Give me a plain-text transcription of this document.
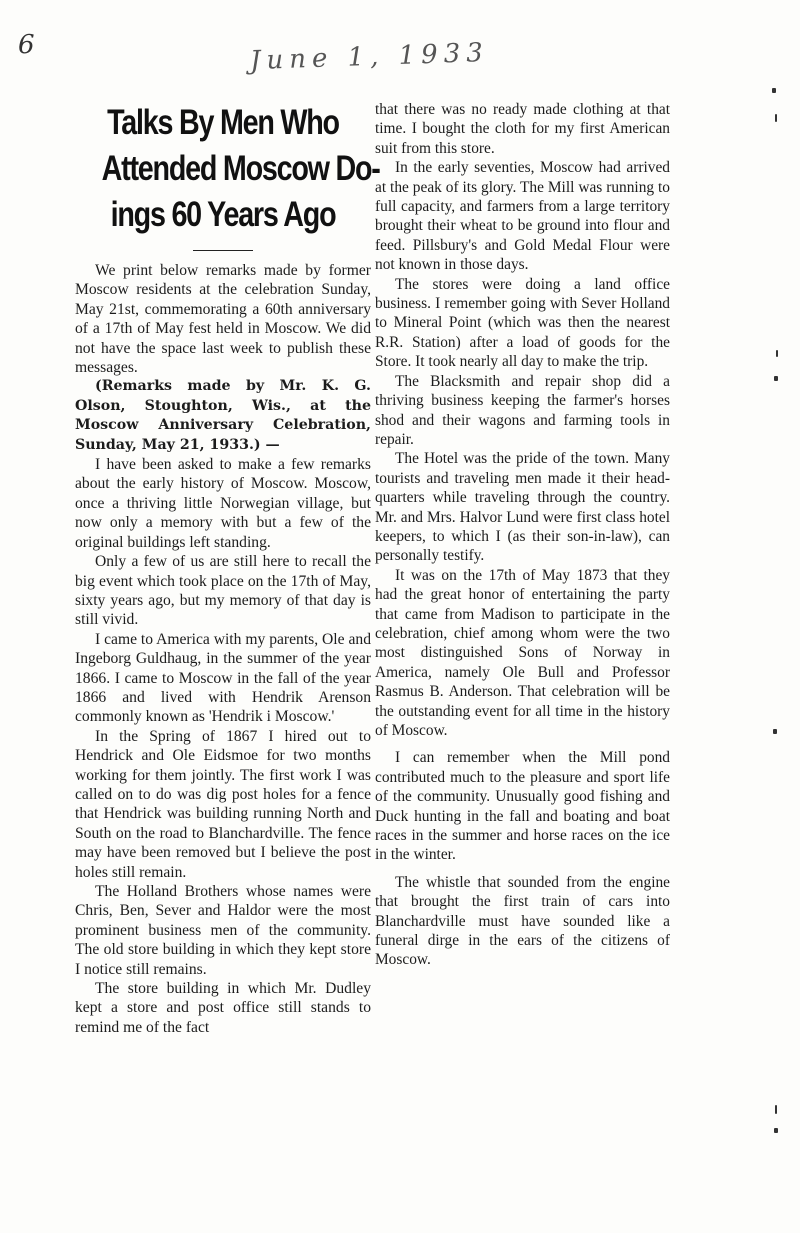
6	June 1, 1933
Talks By Men Who
Attended Moscow Do-
ings 60 Years Ago

We print below remarks made by former Moscow residents at the celebration Sunday, May 21st, commemorating a 60th anniversary of a 17th of May fest held in Moscow. We did not have the space last week to publish these messages.

(Remarks made by Mr. K. G. Olson, Stoughton, Wis., at the Moscow Anniversary Celebration, Sunday, May 21, 1933.) —

I have been asked to make a few remarks about the early history of Moscow. Moscow, once a thriving little Norwegian village, but now only a memory with but a few of the original buildings left standing.

Only a few of us are still here to recall the big event which took place on the 17th of May, sixty years ago, but my memory of that day is still vivid.

I came to America with my parents, Ole and Ingeborg Guldhaug, in the summer of the year 1866. I came to Moscow in the fall of the year 1866 and lived with Hendrik Arenson commonly known as 'Hendrik i Moscow.'

In the Spring of 1867 I hired out to Hendrick and Ole Eidsmoe for two months working for them jointly. The first work I was called on to do was dig post holes for a fence that Hendrick was building running North and South on the road to Blanchardville. The fence may have been removed but I believe the post holes still remain.

The Holland Brothers whose names were Chris, Ben, Sever and Haldor were the most prominent business men of the community. The old store building in which they kept store I notice still remains.

The store building in which Mr. Dudley kept a store and post office still stands to remind me of the fact

that there was no ready made clothing at that time. I bought the cloth for my first American suit from this store.

In the early seventies, Moscow had arrived at the peak of its glory. The Mill was running to full capacity, and farmers from a large territory brought their wheat to be ground into flour and feed. Pillsbury's and Gold Medal Flour were not known in those days.

The stores were doing a land office business. I remember going with Sever Holland to Mineral Point (which was then the nearest R.R. Station) after a load of goods for the Store. It took nearly all day to make the trip.

The Blacksmith and repair shop did a thriving business keeping the farmer's horses shod and their wagons and farming tools in repair.

The Hotel was the pride of the town. Many tourists and traveling men made it their head-quarters while traveling through the country. Mr. and Mrs. Halvor Lund were first class hotel keepers, to which I (as their son-in-law), can personally testify.

It was on the 17th of May 1873 that they had the great honor of entertaining the party that came from Madison to participate in the celebration, chief among whom were the two most distinguished Sons of Norway in America, namely Ole Bull and Professor Rasmus B. Anderson. That celebration will be the outstanding event for all time in the history of Moscow.

I can remember when the Mill pond contributed much to the pleasure and sport life of the community. Unusually good fishing and Duck hunting in the fall and boating and boat races in the summer and horse races on the ice in the winter.

The whistle that sounded from the engine that brought the first train of cars into Blanchardville must have sounded like a funeral dirge in the ears of the citizens of Moscow.
